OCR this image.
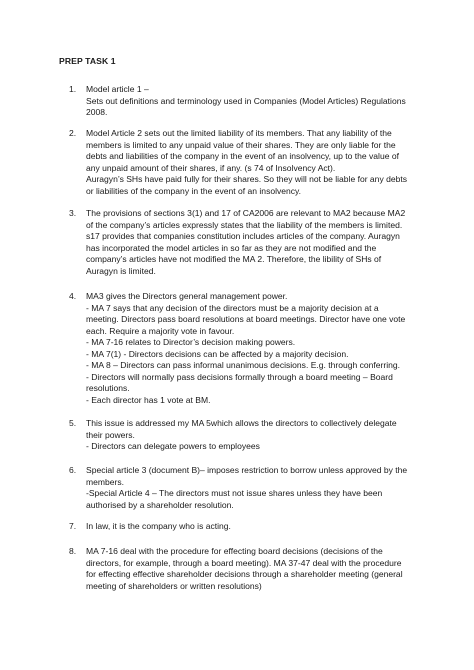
PREP TASK 1
1. Model article 1 –
Sets out definitions and terminology used in Companies (Model Articles) Regulations
2008.
2. Model Article 2 sets out the limited liability of its members. That any liability of the
members is limited to any unpaid value of their shares. They are only liable for the
debts and liabilities of the company in the event of an insolvency, up to the value of
any unpaid amount of their shares, if any. (s 74 of Insolvency Act).
Auragyn’s SHs have paid fully for their shares. So they will not be liable for any debts
or liabilities of the company in the event of an insolvency.
3. The provisions of sections 3(1) and 17 of CA2006 are relevant to MA2 because MA2
of the company’s articles expressly states that the liability of the members is limited.
s17 provides that companies constitution includes articles of the company. Auragyn
has incorporated the model articles in so far as they are not modified and the
company’s articles have not modified the MA 2. Therefore, the libility of SHs of
Auragyn is limited.
4. MA3 gives the Directors general management power.
- MA 7 says that any decision of the directors must be a majority decision at a
meeting. Directors pass board resolutions at board meetings. Director have one vote
each. Require a majority vote in favour.
- MA 7-16 relates to Director’s decision making powers.
- MA 7(1) - Directors decisions can be affected by a majority decision.
- MA 8 – Directors can pass informal unanimous decisions. E.g. through conferring.
- Directors will normally pass decisions formally through a board meeting – Board
resolutions.
- Each director has 1 vote at BM.
5. This issue is addressed my MA 5which allows the directors to collectively delegate
their powers.
- Directors can delegate powers to employees
6. Special article 3 (document B)– imposes restriction to borrow unless approved by the
members.
-Special Article 4 – The directors must not issue shares unless they have been
authorised by a shareholder resolution.
7. In law, it is the company who is acting.
8. MA 7-16 deal with the procedure for effecting board decisions (decisions of the
directors, for example, through a board meeting). MA 37-47 deal with the procedure
for effecting effective shareholder decisions through a shareholder meeting (general
meeting of shareholders or written resolutions)
